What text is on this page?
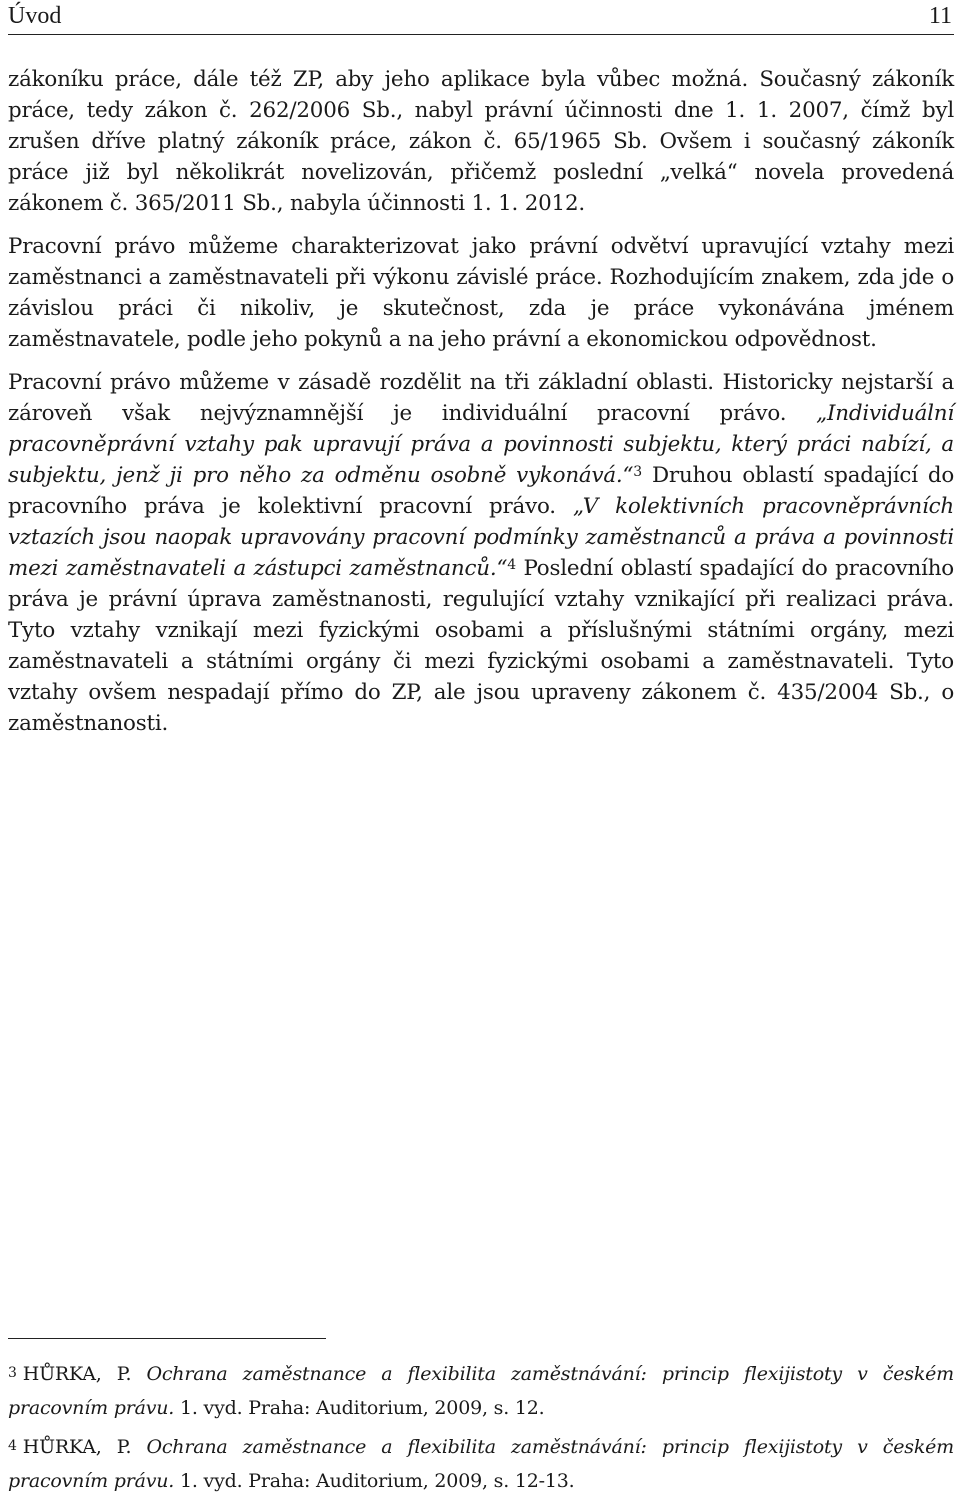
Úvod	11

zákoníku práce, dále též ZP, aby jeho aplikace byla vůbec možná. Současný zákoník práce, tedy zákon č. 262/2006 Sb., nabyl právní účinnosti dne 1. 1. 2007, čímž byl zrušen dříve platný zákoník práce, zákon č. 65/1965 Sb. Ovšem i současný zákoník práce již byl několikrát novelizován, přičemž poslední „velká“ novela provedená zákonem č. 365/2011 Sb., nabyla účinnosti 1. 1. 2012.

Pracovní právo můžeme charakterizovat jako právní odvětví upravující vztahy mezi zaměstnanci a zaměstnavateli při výkonu závislé práce. Rozhodujícím znakem, zda jde o závislou práci či nikoliv, je skutečnost, zda je práce vykonávána jménem zaměstnavatele, podle jeho pokynů a na jeho právní a ekonomickou odpovědnost.

Pracovní právo můžeme v zásadě rozdělit na tři základní oblasti. Historicky nejstarší a zároveň však nejvýznamnější je individuální pracovní právo. „Individuální pracovněprávní vztahy pak upravují práva a povinnosti subjektu, který práci nabízí, a subjektu, jenž ji pro něho za odměnu osobně vykonává.“$^3$ Druhou oblastí spadající do pracovního práva je kolektivní pracovní právo. „V kolektivních pracovněprávních vztazích jsou naopak upravovány pracovní podmínky zaměstnanců a práva a povinnosti mezi zaměstnavateli a zástupci zaměstnanců.“$^4$ Poslední oblastí spadající do pracovního práva je právní úprava zaměstnanosti, regulující vztahy vznikající při realizaci práva. Tyto vztahy vznikají mezi fyzickými osobami a příslušnými státními orgány, mezi zaměstnavateli a státními orgány či mezi fyzickými osobami a zaměstnavateli. Tyto vztahy ovšem nespadají přímo do ZP, ale jsou upraveny zákonem č. 435/2004 Sb., o zaměstnanosti.

3 HŮRKA, P. Ochrana zaměstnance a flexibilita zaměstnávání: princip flexijistoty v českém pracovním právu. 1. vyd. Praha: Auditorium, 2009, s. 12.
4 HŮRKA, P. Ochrana zaměstnance a flexibilita zaměstnávání: princip flexijistoty v českém pracovním právu. 1. vyd. Praha: Auditorium, 2009, s. 12-13.
